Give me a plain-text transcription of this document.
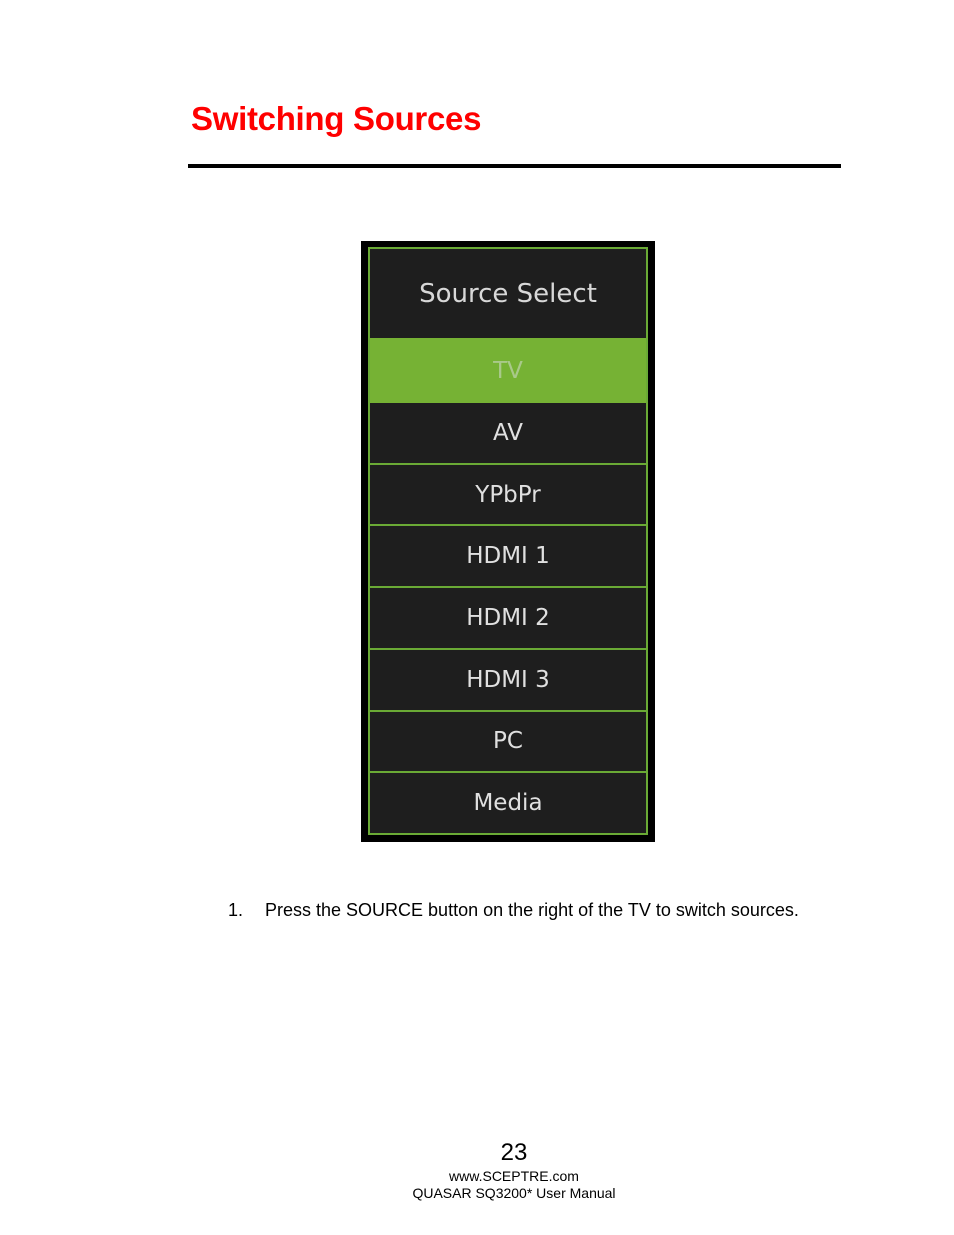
Switching Sources
Source Select
TV
AV
YPbPr
HDMI 1
HDMI 2
HDMI 3
PC
Media
1. Press the SOURCE button on the right of the TV to switch sources.
23
www.SCEPTRE.com
QUASAR SQ3200* User Manual
